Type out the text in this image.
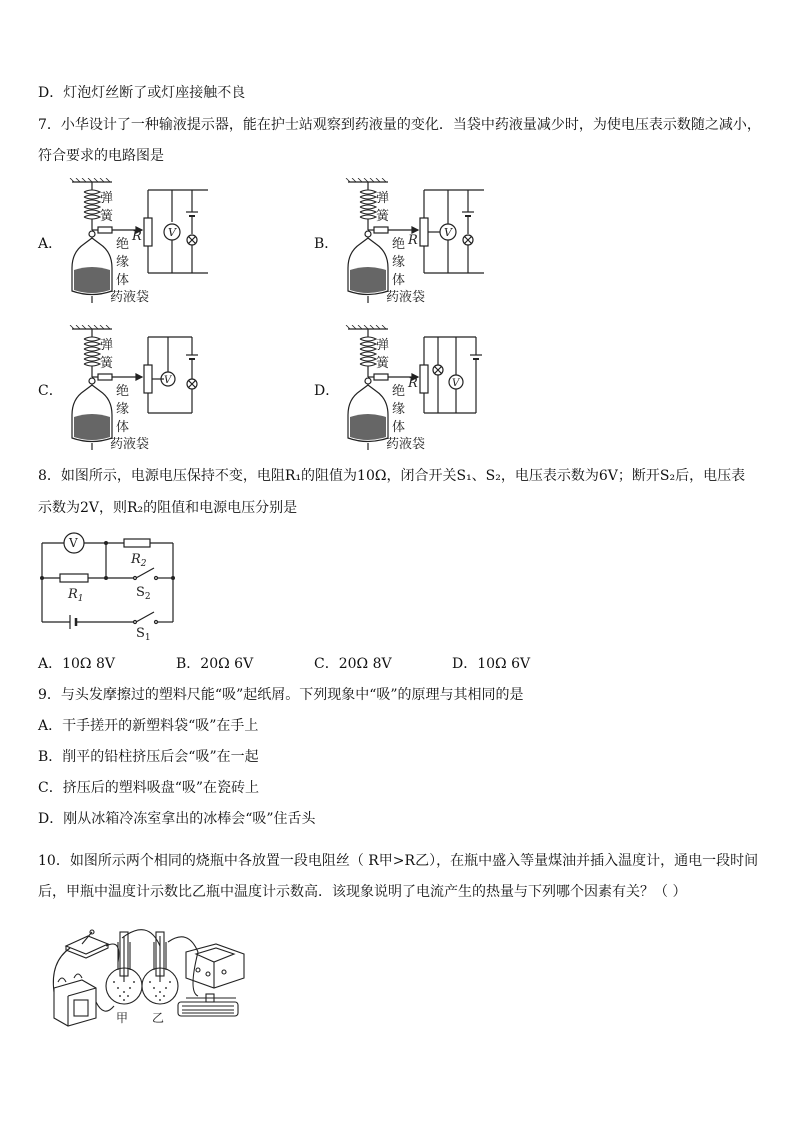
D．灯泡灯丝断了或灯座接触不良
7．小华设计了一种输液提示器，能在护士站观察到药液量的变化．当袋中药液量减少时，为使电压表示数随之减小，
符合要求的电路图是
A．	B．
C．	D．
V
R
弹
簧
绝
缘
体
药液袋
V
R
弹
簧
绝
缘
体
药液袋
V
弹
簧
绝
缘
体
药液袋
V
R
弹
簧
绝
缘
体
药液袋
8．如图所示，电源电压保持不变，电阻R₁的阻值为10Ω，闭合开关S₁、S₂，电压表示数为6V；断开S₂后，电压表
示数为2V，则R₂的阻值和电源电压分别是
V
$R_2$
$R_1$	$S_2$
$S_1$
A．10Ω 8V	B．20Ω 6V	C．20Ω 8V	D．10Ω 6V
9．与头发摩擦过的塑料尺能“吸”起纸屑。下列现象中“吸”的原理与其相同的是
A．干手搓开的新塑料袋“吸”在手上
B．削平的铅柱挤压后会“吸”在一起
C．挤压后的塑料吸盘“吸”在瓷砖上
D．刚从冰箱冷冻室拿出的冰棒会“吸”住舌头
10．如图所示两个相同的烧瓶中各放置一段电阻丝（ R甲>R乙），在瓶中盛入等量煤油并插入温度计，通电一段时间
后，甲瓶中温度计示数比乙瓶中温度计示数高．该现象说明了电流产生的热量与下列哪个因素有关？（ ）
甲 乙
